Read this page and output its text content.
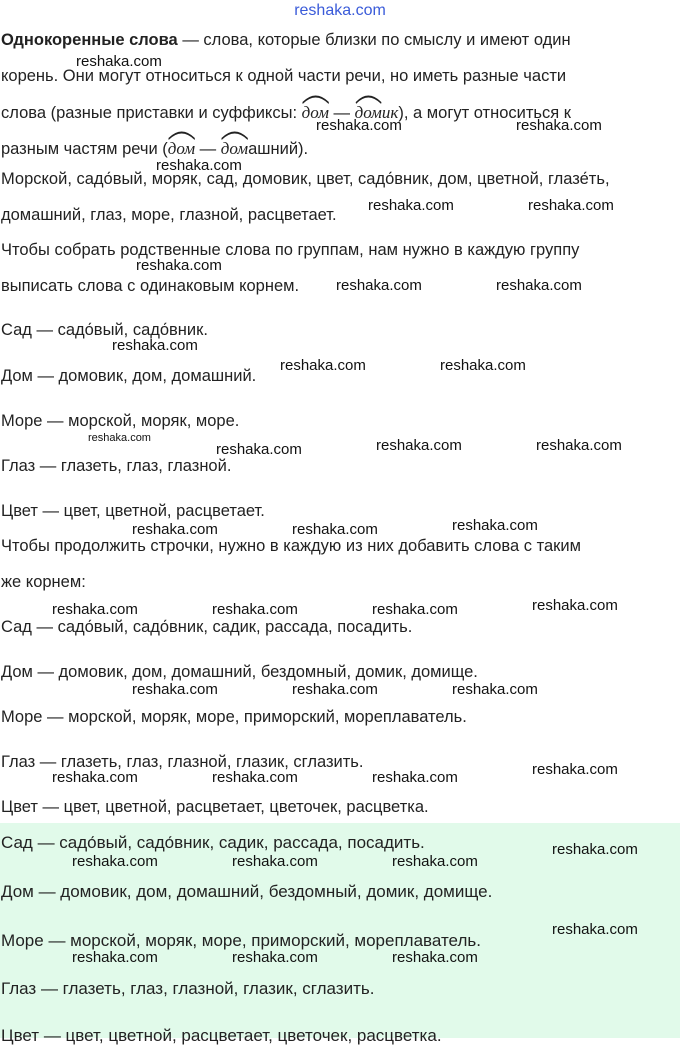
reshaka.com
Однокоренные слова — слова, которые близки по смыслу и имеют один
корень. Они могут относиться к одной части речи, но иметь разные части
слова (разные приставки и суффиксы:
дом —
домик), а могут относиться к
разным частям речи (
дом —
домашний).
Морской, садо́вый, моряк, сад, домовик, цвет, садо́вник, дом, цветной, глазе́ть,
домашний, глаз, море, глазной, расцветает.
Чтобы собрать родственные слова по группам, нам нужно в каждую группу
выписать слова с одинаковым корнем.
Сад — садо́вый, садо́вник.
Дом — домовик, дом, домашний.
Море — морской, моряк, море.
Глаз — глазеть, глаз, глазной.
Цвет — цвет, цветной, расцветает.
Чтобы продолжить строчки, нужно в каждую из них добавить слова с таким
же корнем:
Сад — садо́вый, садо́вник, садик, рассада, посадить.
Дом — домовик, дом, домашний, бездомный, домик, домище.
Море — морской, моряк, море, приморский, мореплаватель.
Глаз — глазеть, глаз, глазной, глазик, сглазить.
Цвет — цвет, цветной, расцветает, цветочек, расцветка.
Сад — садо́вый, садо́вник, садик, рассада, посадить.
Дом — домовик, дом, домашний, бездомный, домик, домище.
Море — морской, моряк, море, приморский, мореплаватель.
Глаз — глазеть, глаз, глазной, глазик, сглазить.
Цвет — цвет, цветной, расцветает, цветочек, расцветка.
reshaka.com
reshaka.com	reshaka.com
reshaka.com
reshaka.com	reshaka.com
reshaka.com
reshaka.com	reshaka.com
reshaka.com
reshaka.com	reshaka.com
reshaka.com
reshaka.com	reshaka.com	reshaka.com
reshaka.com	reshaka.com	reshaka.com
reshaka.com	reshaka.com	reshaka.com	reshaka.com
reshaka.com	reshaka.com	reshaka.com
reshaka.com	reshaka.com	reshaka.com	reshaka.com
reshaka.com	reshaka.com	reshaka.com
reshaka.com
reshaka.com
reshaka.com	reshaka.com	reshaka.com
